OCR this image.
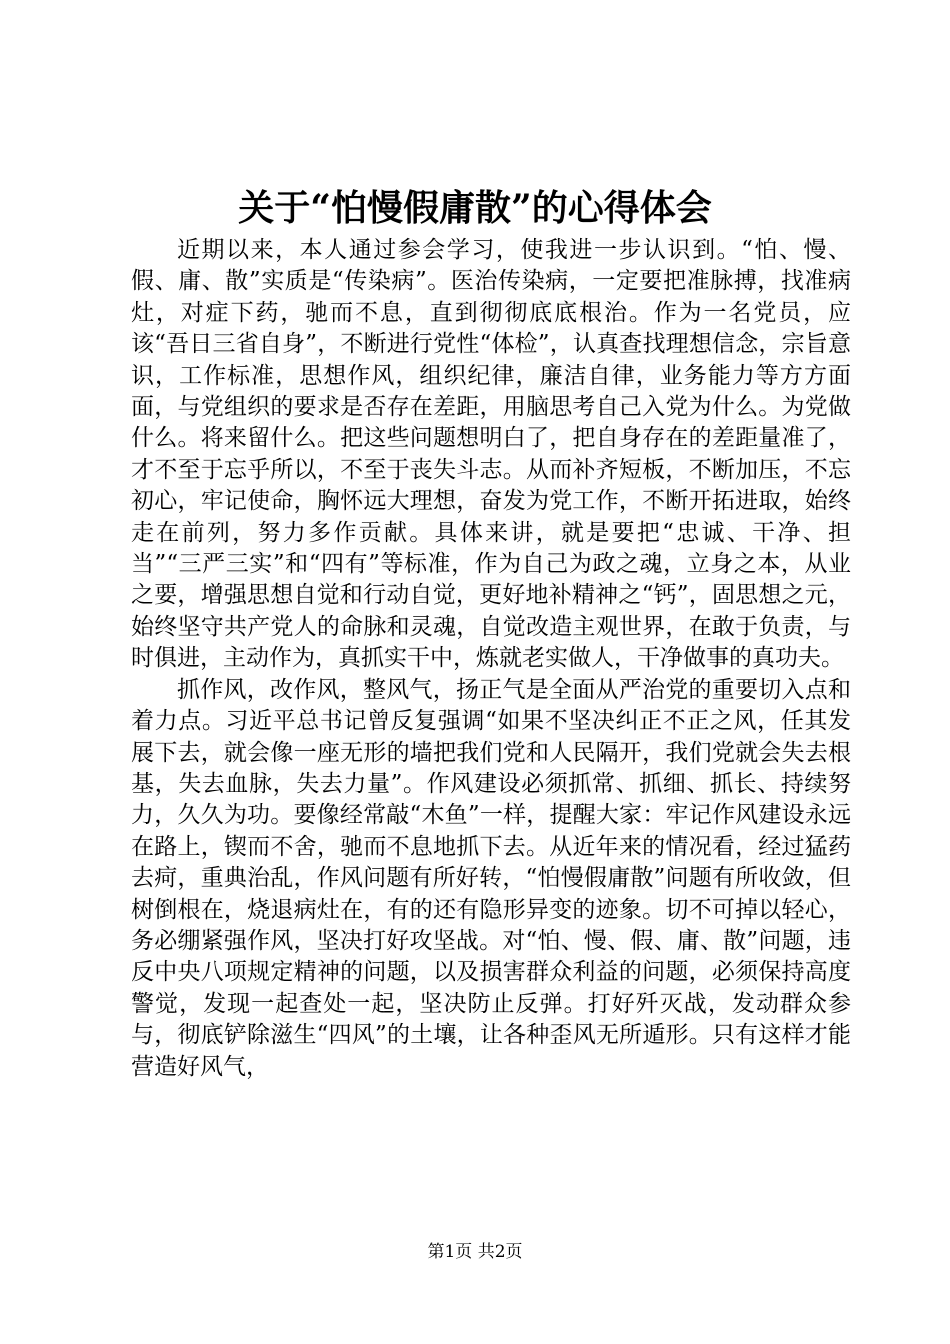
关于“怕慢假庸散”的心得体会

近期以来，本人通过参会学习，使我进一步认识到。“怕、慢、假、庸、散”实质是“传染病”。医治传染病，一定要把准脉搏，找准病灶，对症下药，驰而不息，直到彻彻底底根治。作为一名党员，应该“吾日三省自身”，不断进行党性“体检”，认真查找理想信念，宗旨意识，工作标准，思想作风，组织纪律，廉洁自律，业务能力等方方面面，与党组织的要求是否存在差距，用脑思考自己入党为什么。为党做什么。将来留什么。把这些问题想明白了，把自身存在的差距量准了，才不至于忘乎所以，不至于丧失斗志。从而补齐短板，不断加压，不忘初心，牢记使命，胸怀远大理想，奋发为党工作，不断开拓进取，始终走在前列，努力多作贡献。具体来讲，就是要把“忠诚、干净、担当”“三严三实”和“四有”等标准，作为自己为政之魂，立身之本，从业之要，增强思想自觉和行动自觉，更好地补精神之“钙”，固思想之元，始终坚守共产党人的命脉和灵魂，自觉改造主观世界，在敢于负责，与时俱进，主动作为，真抓实干中，炼就老实做人，干净做事的真功夫。

抓作风，改作风，整风气，扬正气是全面从严治党的重要切入点和着力点。习近平总书记曾反复强调“如果不坚决纠正不正之风，任其发展下去，就会像一座无形的墙把我们党和人民隔开，我们党就会失去根基，失去血脉，失去力量”。作风建设必须抓常、抓细、抓长、持续努力，久久为功。要像经常敲“木鱼”一样，提醒大家：牢记作风建设永远在路上，锲而不舍，驰而不息地抓下去。从近年来的情况看，经过猛药去疴，重典治乱，作风问题有所好转，“怕慢假庸散”问题有所收敛，但树倒根在，烧退病灶在，有的还有隐形异变的迹象。切不可掉以轻心，务必绷紧强作风，坚决打好攻坚战。对“怕、慢、假、庸、散”问题，违反中央八项规定精神的问题，以及损害群众利益的问题，必须保持高度警觉，发现一起查处一起，坚决防止反弹。打好歼灭战，发动群众参与，彻底铲除滋生“四风”的土壤，让各种歪风无所遁形。只有这样才能营造好风气，

第1页 共2页
